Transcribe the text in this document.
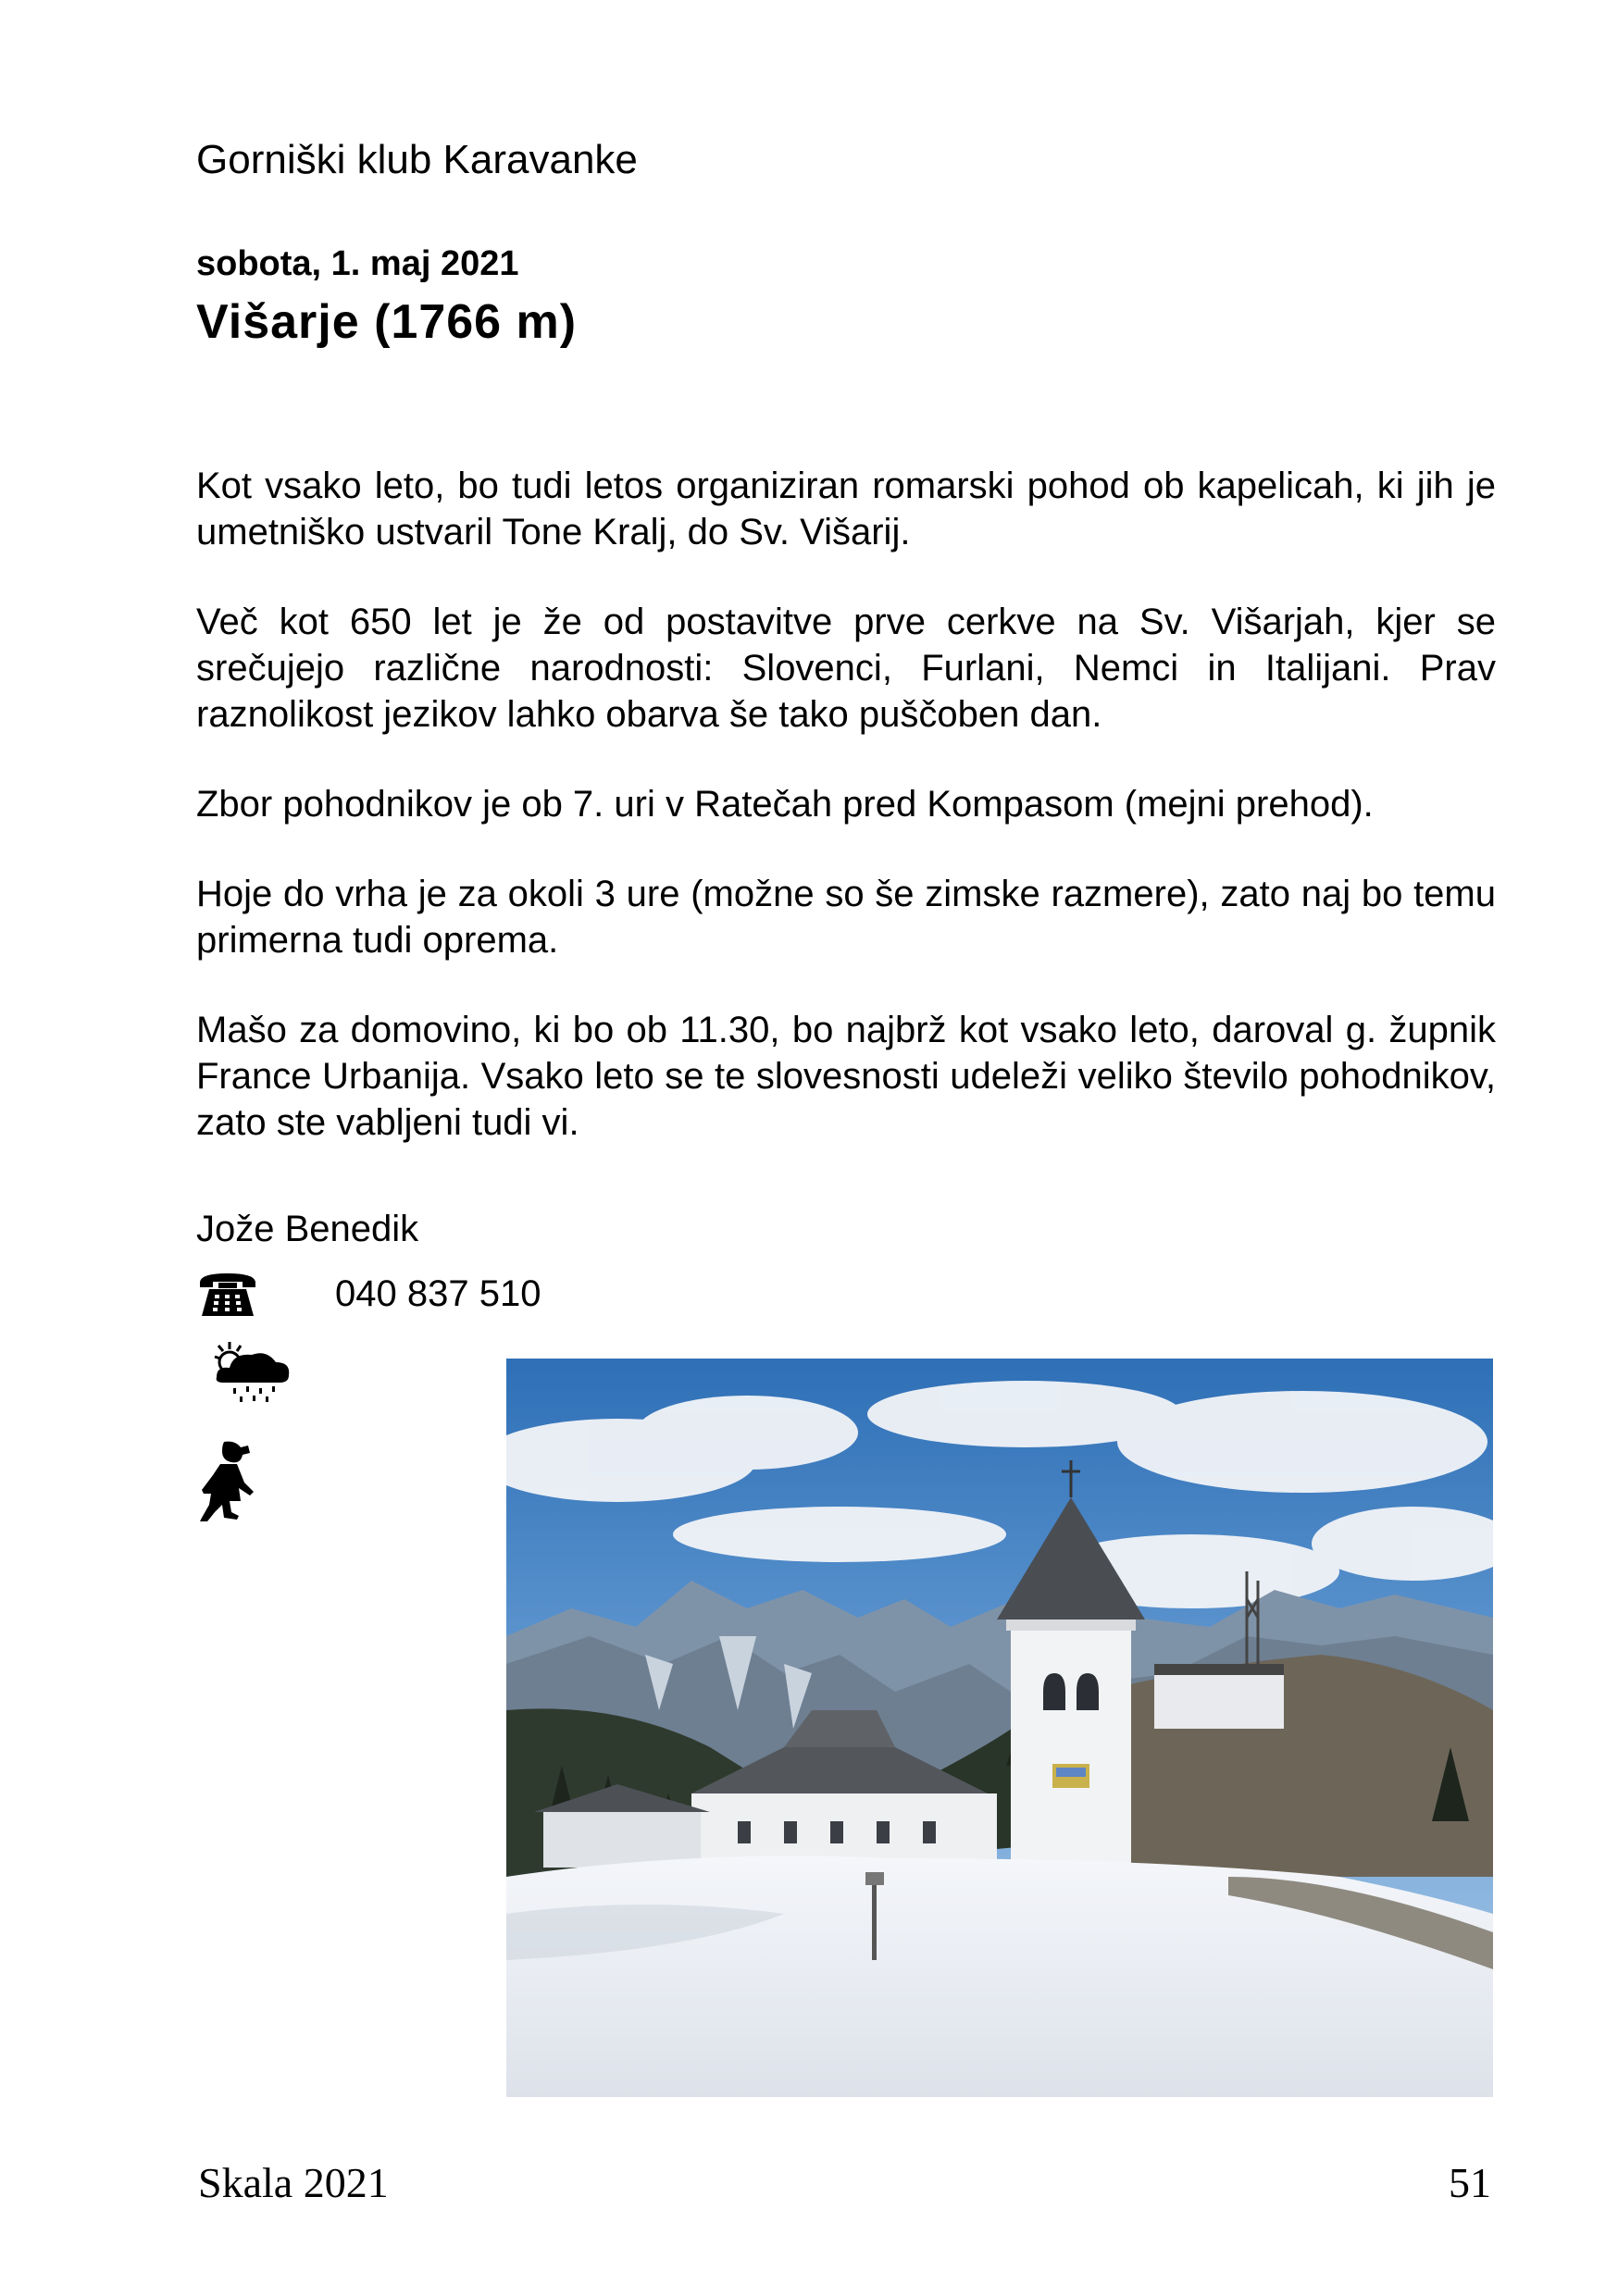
Gorniški klub Karavanke
sobota, 1. maj 2021
Višarje (1766 m)

Kot vsako leto, bo tudi letos organiziran romarski pohod ob kapelicah, ki jih je umetniško ustvaril Tone Kralj, do Sv. Višarij.

Več kot 650 let je že od postavitve prve cerkve na Sv. Višarjah, kjer se srečujejo različne narodnosti: Slovenci, Furlani, Nemci in Italijani. Prav raznolikost jezikov lahko obarva še tako puščoben dan.

Zbor pohodnikov je ob 7. uri v Ratečah pred Kompasom (mejni prehod).

Hoje do vrha je za okoli 3 ure (možne so še zimske razmere), zato naj bo temu primerna tudi oprema.

Mašo za domovino, ki bo ob 11.30, bo najbrž kot vsako leto, daroval g. župnik France Urbanija. Vsako leto se te slovesnosti udeleži veliko število pohodnikov, zato ste vabljeni tudi vi.

Jože Benedik
040 837 510
Skala 2021	51
